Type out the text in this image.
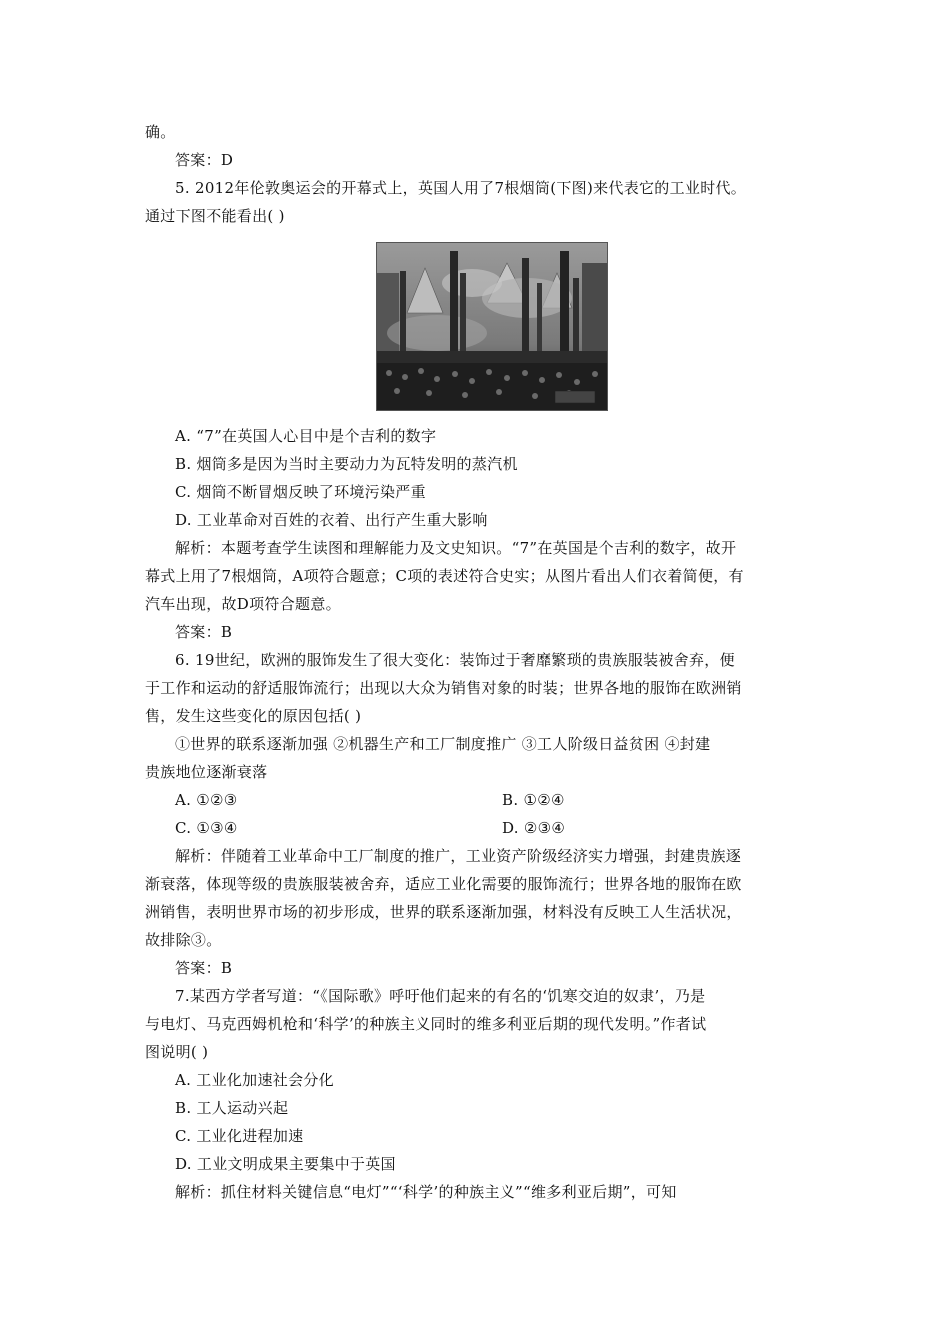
确。
答案：D
5. 2012年伦敦奥运会的开幕式上，英国人用了7根烟筒(下图)来代表它的工业时代。
通过下图不能看出( )
A. “7”在英国人心目中是个吉利的数字
B. 烟筒多是因为当时主要动力为瓦特发明的蒸汽机
C. 烟筒不断冒烟反映了环境污染严重
D. 工业革命对百姓的衣着、出行产生重大影响
解析：本题考查学生读图和理解能力及文史知识。“7”在英国是个吉利的数字，故开
幕式上用了7根烟筒，A项符合题意；C项的表述符合史实；从图片看出人们衣着简便，有
汽车出现，故D项符合题意。
答案：B
6. 19世纪，欧洲的服饰发生了很大变化：装饰过于奢靡繁琐的贵族服装被舍弃，便
于工作和运动的舒适服饰流行；出现以大众为销售对象的时装；世界各地的服饰在欧洲销
售，发生这些变化的原因包括( )
①世界的联系逐渐加强 ②机器生产和工厂制度推广 ③工人阶级日益贫困 ④封建
贵族地位逐渐衰落
A. ①②③	B. ①②④
C. ①③④	D. ②③④
解析：伴随着工业革命中工厂制度的推广，工业资产阶级经济实力增强，封建贵族逐
渐衰落，体现等级的贵族服装被舍弃，适应工业化需要的服饰流行；世界各地的服饰在欧
洲销售，表明世界市场的初步形成，世界的联系逐渐加强，材料没有反映工人生活状况，
故排除③。
答案：B
7.某西方学者写道：“《国际歌》呼吁他们起来的有名的‘饥寒交迫的奴隶’，乃是
与电灯、马克西姆机枪和‘科学’的种族主义同时的维多利亚后期的现代发明。”作者试
图说明( )
A. 工业化加速社会分化
B. 工人运动兴起
C. 工业化进程加速
D. 工业文明成果主要集中于英国
解析：抓住材料关键信息“电灯”“‘科学’的种族主义”“维多利亚后期”，可知
